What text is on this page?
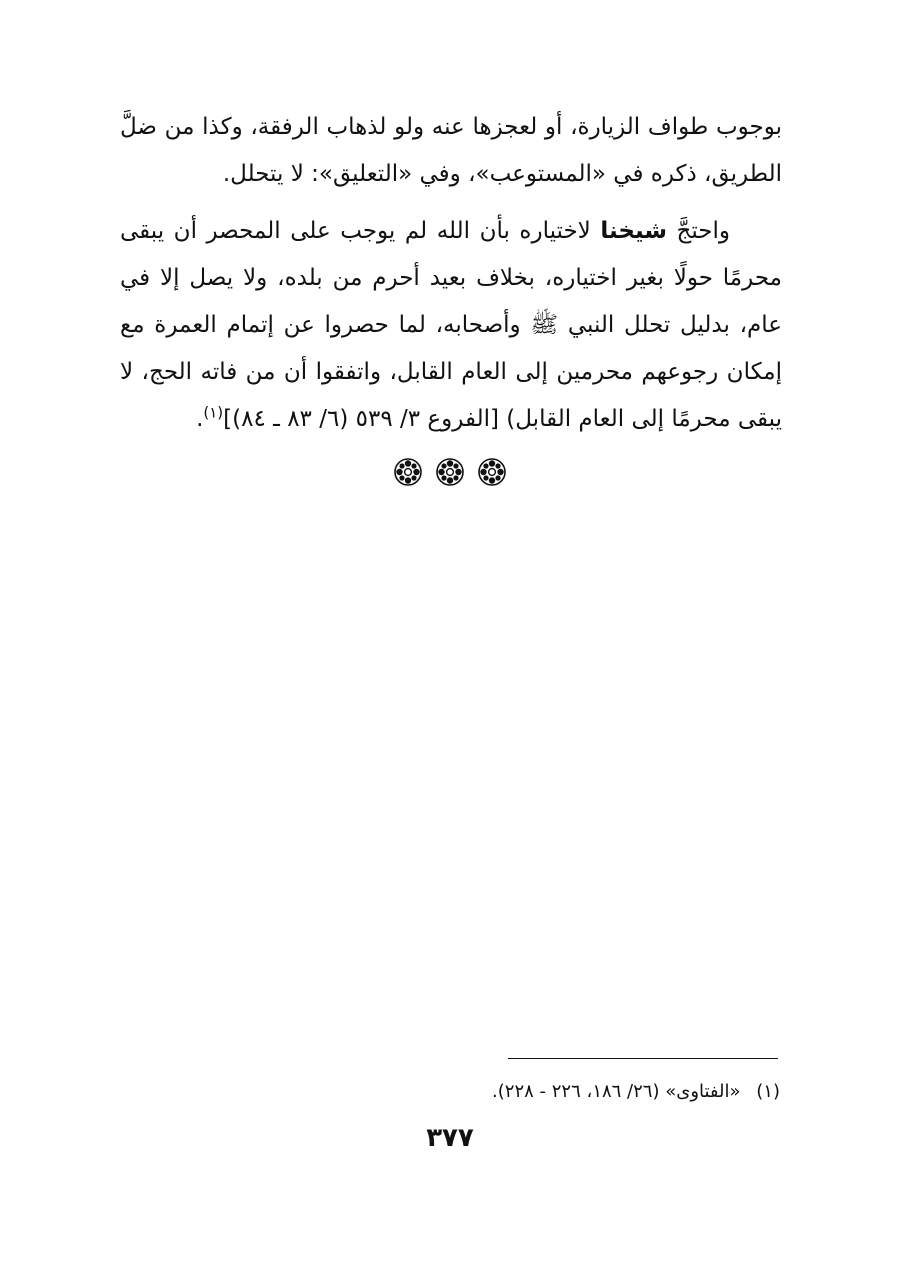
بوجوب طواف الزيارة، أو لعجزها عنه ولو لذهاب الرفقة، وكذا من ضلَّ الطريق، ذكره في «المستوعب»، وفي «التعليق»: لا يتحلل.

واحتجَّ شيخنا لاختياره بأن الله لم يوجب على المحصر أن يبقى محرمًا حولًا بغير اختياره، بخلاف بعيد أحرم من بلده، ولا يصل إلا في عام، بدليل تحلل النبي ﷺ وأصحابه، لما حصروا عن إتمام العمرة مع إمكان رجوعهم محرمين إلى العام القابل، واتفقوا أن من فاته الحج، لا يبقى محرمًا إلى العام القابل) [الفروع ٣/ ٥٣٩ (٦/ ٨٣ ـ ٨٤)]$^{(١)}$.

(١) «الفتاوى» (٢٦/ ١٨٦، ٢٢٦ - ٢٢٨).
٣٧٧
